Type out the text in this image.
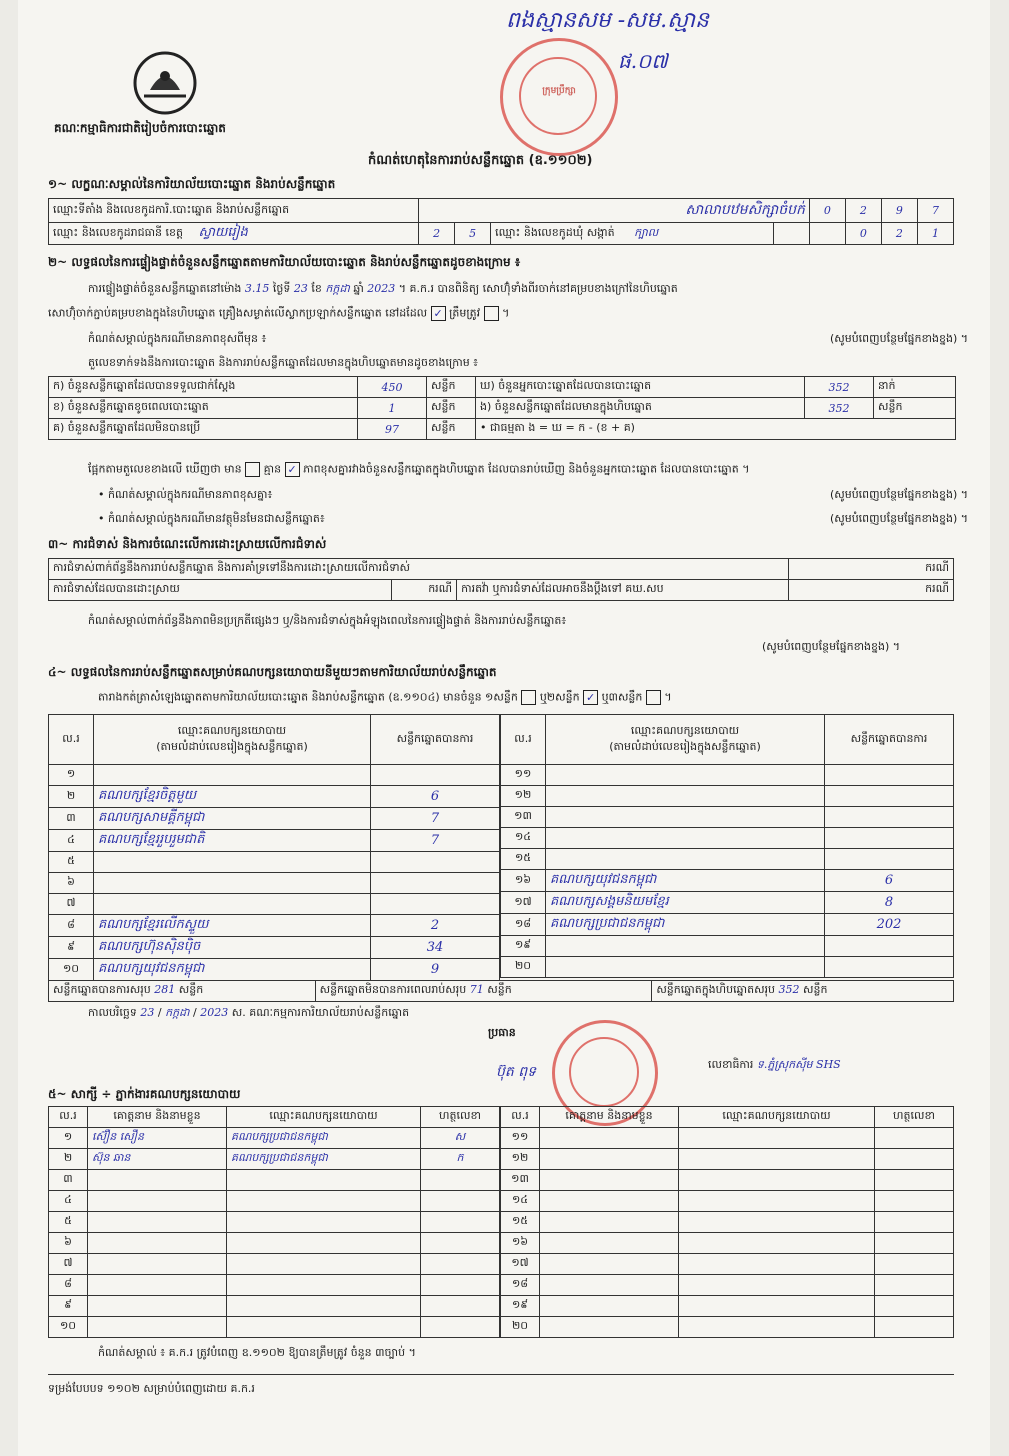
គណៈកម្មាធិការជាតិរៀបចំការបោះឆ្នោត
ពងស្មានសម -សម.ស្មាន
ផ.០៧
ក្រុមប្រឹក្សា
កំណត់ហេតុនៃការរាប់សន្លឹកឆ្នោត (ឧ.១១០២)
១~ លក្ខណៈសម្គាល់នៃការិយាល័យបោះឆ្នោត និងរាប់សន្លឹកឆ្នោត
ឈ្មោះទីតាំង និងលេខកូដការិ.បោះឆ្នោត និងរាប់សន្លឹកឆ្នោត	សាលាបឋមសិក្សាចំបក់				0	2	9	7
ឈ្មោះ និងលេខកូដរាជធានី ខេត្ត ស្វាយរៀង	2	5	ឈ្មោះ និងលេខកូដឃុំ សង្កាត់ ក្បាល			0	2	1
២~ លទ្ធផលនៃការផ្ទៀងផ្ទាត់ចំនួនសន្លឹកឆ្នោតតាមការិយាល័យបោះឆ្នោត និងរាប់សន្លឹកឆ្នោតដូចខាងក្រោម ៖
ការផ្ទៀងផ្ទាត់ចំនួនសន្លឹកឆ្នោតនៅម៉ោង 3.15 ថ្ងៃទី 23 ខែ កក្កដា ឆ្នាំ 2023 ។ គ.ក.រ បានពិនិត្យ សោហ៊ុំទាំងពីរចាក់នៅគម្របខាងក្រៅនៃហិបឆ្នោត
សោហ៊ុំចាក់ភ្ជាប់គម្របខាងក្នុងនៃហិបឆ្នោត គ្រឿងសម្ងាត់លើស្លាកប្រឡាក់សន្លឹកឆ្នោត នៅដដែល ✓ ត្រឹមត្រូវ  ។
កំណត់សម្គាល់ក្នុងករណីមានភាពខុសពីមុន ៖	(សូមបំពេញបន្ថែមផ្នែកខាងខ្នង) ។
តួលេខទាក់ទងនឹងការបោះឆ្នោត និងការរាប់សន្លឹកឆ្នោតដែលមានក្នុងហិបឆ្នោតមានដូចខាងក្រោម ៖
ក) ចំនួនសន្លឹកឆ្នោតដែលបានទទួលជាក់ស្តែង	450	សន្លឹក	ឃ) ចំនួនអ្នកបោះឆ្នោតដែលបានបោះឆ្នោត	352	នាក់
ខ) ចំនួនសន្លឹកឆ្នោតខូចពេលបោះឆ្នោត	1	សន្លឹក	ង) ចំនួនសន្លឹកឆ្នោតដែលមានក្នុងហិបឆ្នោត	352	សន្លឹក
គ) ចំនួនសន្លឹកឆ្នោតដែលមិនបានប្រើ	97	សន្លឹក	• ជាធម្មតា ង = ឃ = ក - (ខ + គ)		
ផ្អែកតាមតួលេខខាងលើ ឃើញថា មាន គ្មាន ✓ ភាពខុសគ្នារវាងចំនួនសន្លឹកឆ្នោតក្នុងហិបឆ្នោត ដែលបានរាប់ឃើញ និងចំនួនអ្នកបោះឆ្នោត ដែលបានបោះឆ្នោត ។
• កំណត់សម្គាល់ក្នុងករណីមានភាពខុសគ្នា៖	(សូមបំពេញបន្ថែមផ្នែកខាងខ្នង) ។
• កំណត់សម្គាល់ក្នុងករណីមានវត្ថុមិនមែនជាសន្លឹកឆ្នោត៖	(សូមបំពេញបន្ថែមផ្នែកខាងខ្នង) ។
៣~ ការជំទាស់ និងការចំណេះលើការដោះស្រាយលើការជំទាស់
ការជំទាស់ពាក់ព័ន្ធនឹងការរាប់សន្លឹកឆ្នោត និងការគាំទ្រទៅនឹងការដោះស្រាយលើការជំទាស់			ករណី
ការជំទាស់ដែលបានដោះស្រាយ	ករណី	ការតវ៉ា ឬការជំទាស់ដែលអាចនឹងប្តឹងទៅ គឃ.សប	ករណី
កំណត់សម្គាល់ពាក់ព័ន្ធនឹងភាពមិនប្រក្រតីផ្សេងៗ ឬ/និងការជំទាស់ក្នុងអំឡុងពេលនៃការផ្ទៀងផ្ទាត់ និងការរាប់សន្លឹកឆ្នោត៖
(សូមបំពេញបន្ថែមផ្នែកខាងខ្នង) ។
៤~ លទ្ធផលនៃការរាប់សន្លឹកឆ្នោតសម្រាប់គណបក្សនយោបាយនីមួយៗតាមការិយាល័យរាប់សន្លឹកឆ្នោត
តារាងកត់ត្រាសំឡេងឆ្នោតតាមការិយាល័យបោះឆ្នោត និងរាប់សន្លឹកឆ្នោត (ឧ.១១០៤) មានចំនួន ១សន្លឹក ឬ២សន្លឹក ✓ ឬ៣សន្លឹក  ។
ល.រ	ឈ្មោះគណបក្សនយោបាយ
(តាមលំដាប់លេខរៀងក្នុងសន្លឹកឆ្នោត)	សន្លឹកឆ្នោតបានការ
១		
២	គណបក្សខ្មែរចិត្តមួយ	6
៣	គណបក្សសាមគ្គីកម្ពុជា	7
៤	គណបក្សខ្មែររួបរួមជាតិ	7
៥		
៦		
៧		
៨	គណបក្សខ្មែរលើកស្ទួយ	2
៩	គណបក្សហ៊ុនស៊ិនប៉ិច	34
១០	គណបក្សយុវជនកម្ពុជា	9
ល.រ	ឈ្មោះគណបក្សនយោបាយ
(តាមលំដាប់លេខរៀងក្នុងសន្លឹកឆ្នោត)	សន្លឹកឆ្នោតបានការ
១១		
១២		
១៣		
១៤		
១៥		
១៦	គណបក្សយុវជនកម្ពុជា	6
១៧	គណបក្សសង្គមនិយមខ្មែរ	8
១៨	គណបក្សប្រជាជនកម្ពុជា	202
១៩		
២០		
សន្លឹកឆ្នោតបានការសរុប 281 សន្លឹក	សន្លឹកឆ្នោតមិនបានការពេលរាប់សរុប 71 សន្លឹក	សន្លឹកឆ្នោតក្នុងហិបឆ្នោតសរុប 352 សន្លឹក
កាលបរិច្ឆេទ 23 / កក្កដា / 2023 ស. គណៈកម្មការការិយាល័យរាប់សន្លឹកឆ្នោត
ប្រធាន
ប៊ុត ពុទ	លេខាធិការ ទ.ភ្នំស្រុកស៊ីម SHS
៥~ សាក្សី ÷ ភ្នាក់ងារគណបក្សនយោបាយ
ល.រ	គោត្តនាម និងនាមខ្លួន	ឈ្មោះគណបក្សនយោបាយ	ហត្ថលេខា
១	ស៊ឿន សឿន	គណបក្សប្រជាជនកម្ពុជា	ស
២	ស៊ុន ឆាន	គណបក្សប្រជាជនកម្ពុជា	ក
៣			
៤			
៥			
៦			
៧			
៨			
៩			
១០			
ល.រ	គោត្តនាម និងនាមខ្លួន	ឈ្មោះគណបក្សនយោបាយ	ហត្ថលេខា
១១			
១២			
១៣			
១៤			
១៥			
១៦			
១៧			
១៨			
១៩			
២០			
កំណត់សម្គាល់ ៖ គ.ក.រ ត្រូវបំពេញ ឧ.១១០២ ឱ្យបានត្រឹមត្រូវ ចំនួន ៣ច្បាប់ ។
ទម្រង់បែបបទ ១១០២ សម្រាប់បំពេញដោយ គ.ក.រ
